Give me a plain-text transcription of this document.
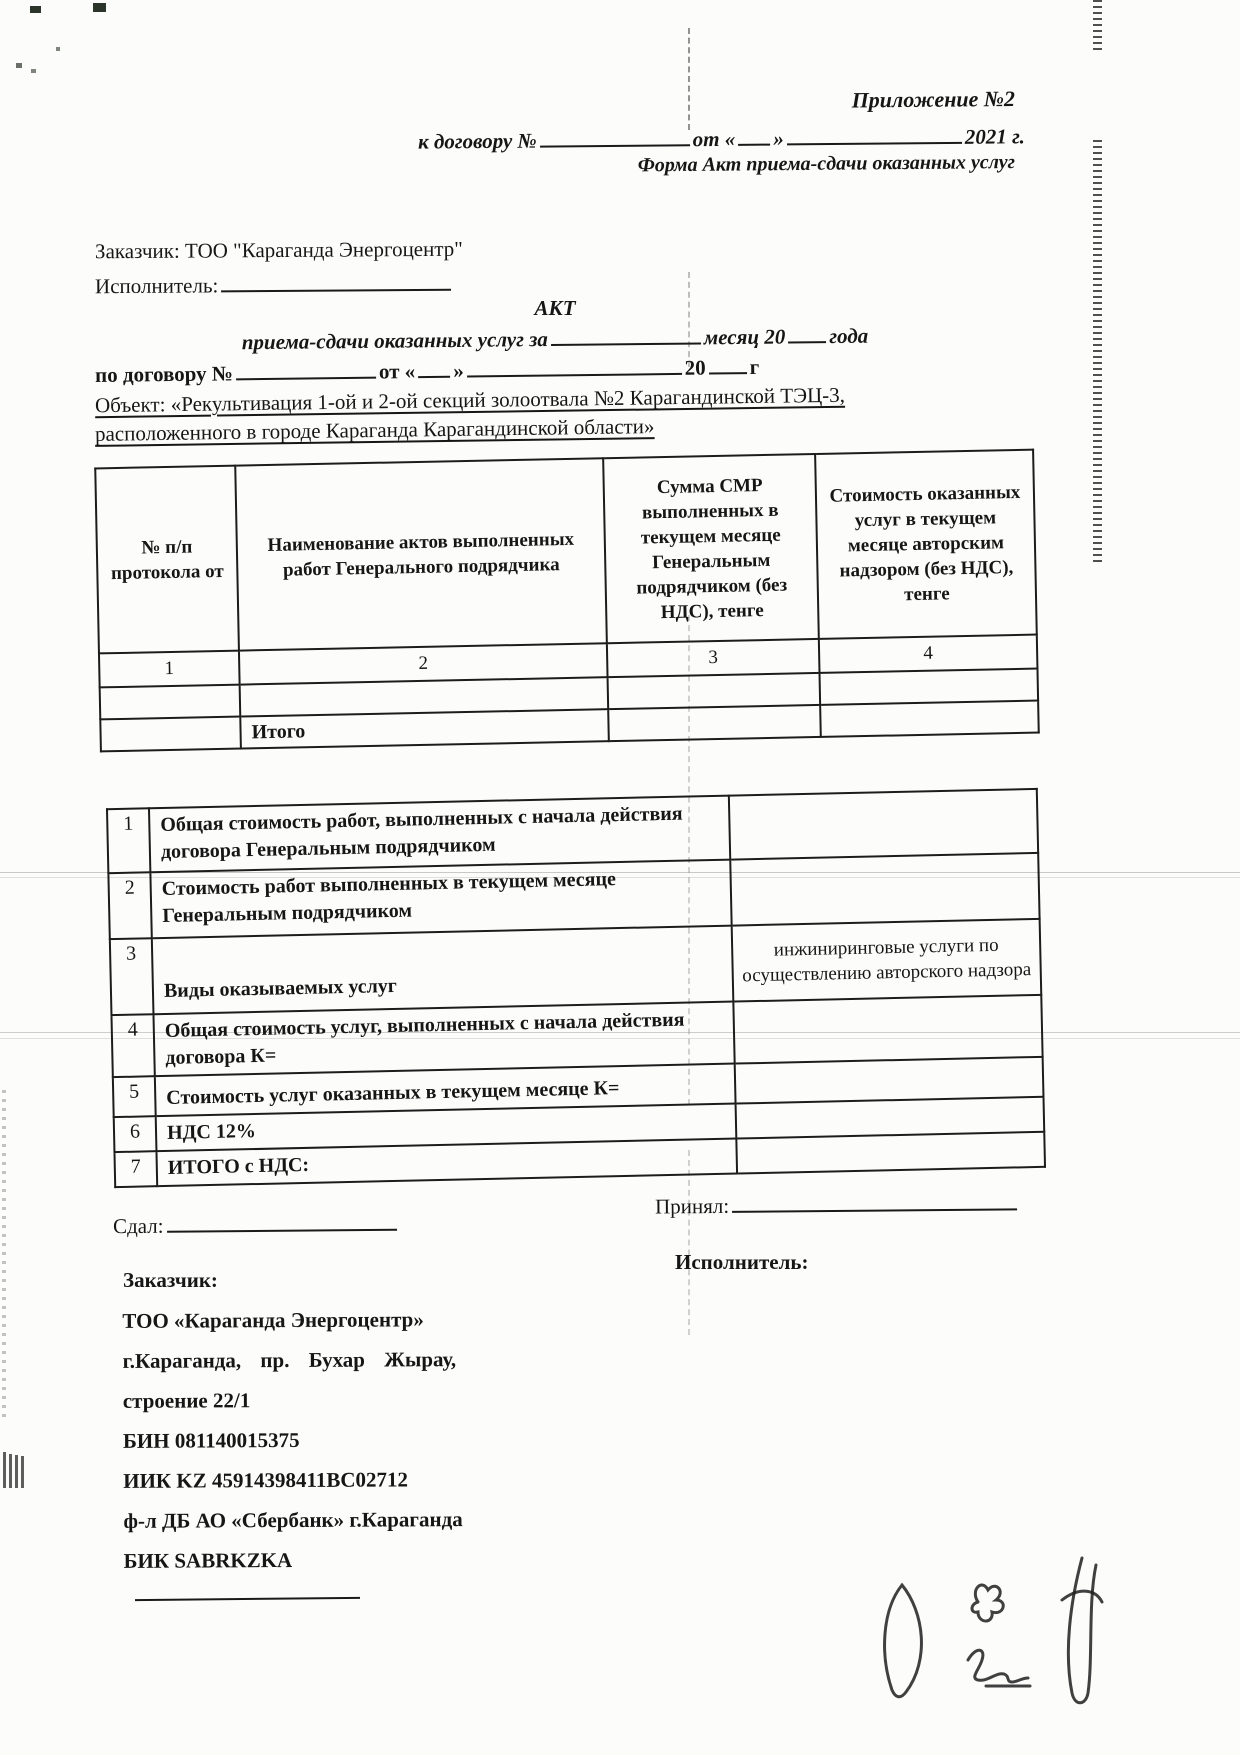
Приложение №2
к договору №	от « »	2021 г.
Форма Акт приема-сдачи оказанных услуг
Заказчик: ТОО "Караганда Энергоцентр"
Исполнитель:
АКТ
приема-сдачи оказанных услуг за	месяц 20 года
по договору №	от « »	20 г
Объект: «Рекультивация 1-ой и 2-ой секций золоотвала №2 Карагандинской ТЭЦ-3,
расположенного в городе Караганда Карагандинской области»
№ п/п протокола от	Наименование актов выполненных работ Генерального подрядчика	Сумма СМР выполненных в текущем месяце Генеральным подрядчиком (без НДС), тенге	Стоимость оказанных услуг в текущем месяце авторским надзором (без НДС), тенге
1	2	3	4

	Итого		
1	Общая стоимость работ, выполненных с начала действия договора Генеральным подрядчиком	
2	Стоимость работ выполненных в текущем месяце Генеральным подрядчиком	
3	Виды оказываемых услуг	инжиниринговые услуги по осуществлению авторского надзора
4	Общая стоимость услуг, выполненных с начала действия договора К=	
5	Стоимость услуг оказанных в текущем месяце К=	
6	НДС 12%	
7	ИТОГО с НДС:	
Принял:
Сдал:
Исполнитель:
Заказчик:
ТОО «Караганда Энергоцентр»
г.Караганда, пр. Бухар Жырау,
строение 22/1
БИН 081140015375
ИИК KZ 45914398411BC02712
ф-л ДБ АО «Сбербанк» г.Караганда
БИК SABRKZKA
